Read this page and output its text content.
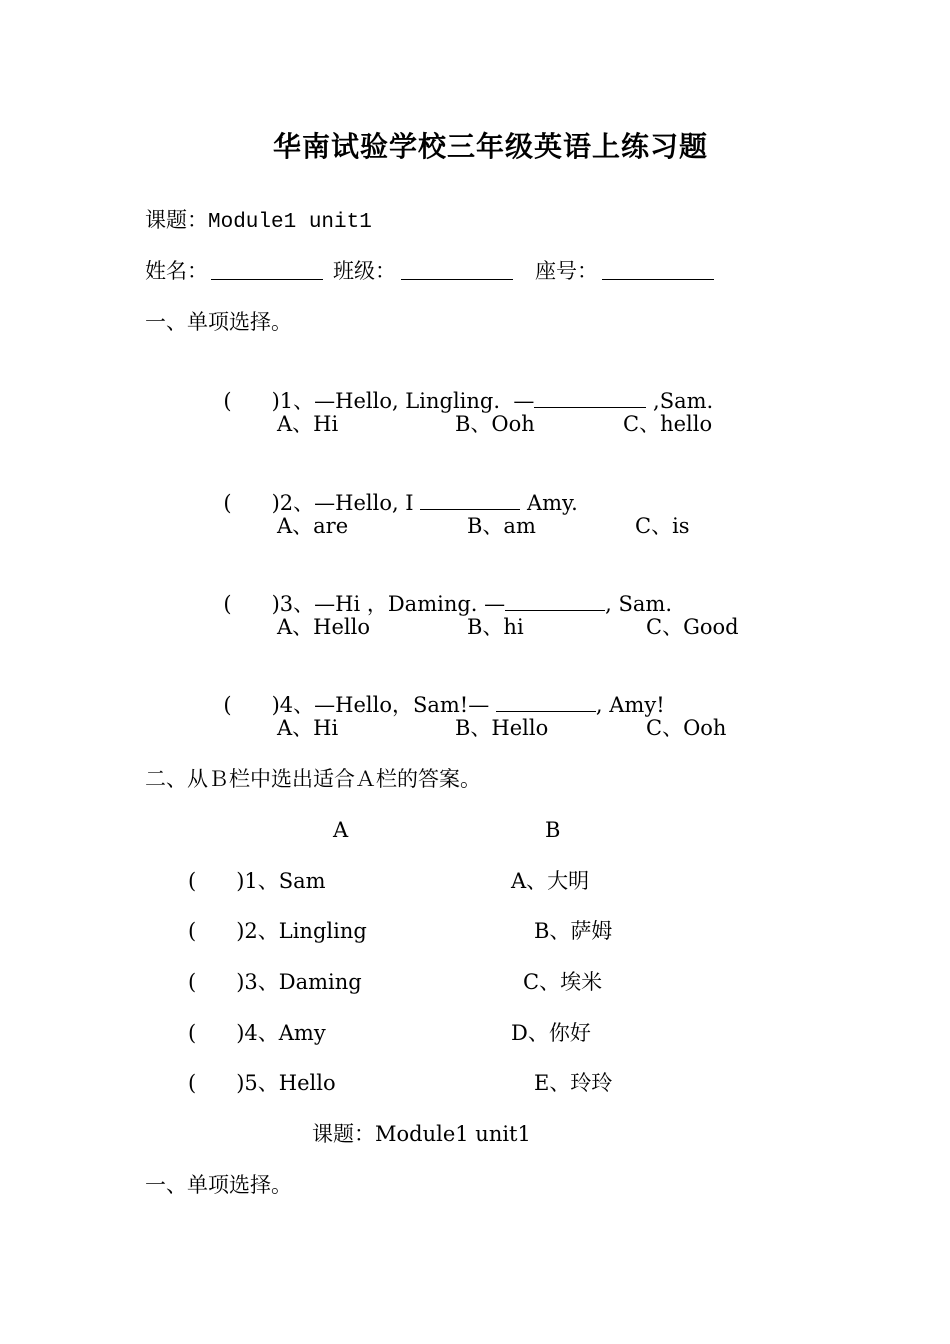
华南试验学校三年级英语上练习题
课题：Module1 unit1
姓名：	班级：	座号：
一、单项选择。

( )1、—Hello, Lingling.  —	,Sam.

A、Hi	B、Ooh	C、hello

( )2、—Hello, I	Amy.

A、are	B、am	C、is

( )3、—Hi ，Daming. —	, Sam.

A、Hello	B、hi	C、Good

( )4、—Hello，Sam!—	, Amy!

A、Hi	B、Hello	C、Ooh
二、从Ｂ栏中选出适合Ａ栏的答案。
A	B
( )1、Sam	A、大明
( )2、Lingling	B、萨姆
( )3、Daming	C、埃米
( )4、Amy	D、你好
( )5、Hello	E、玲玲
课题：Module1 unit1
一、单项选择。
